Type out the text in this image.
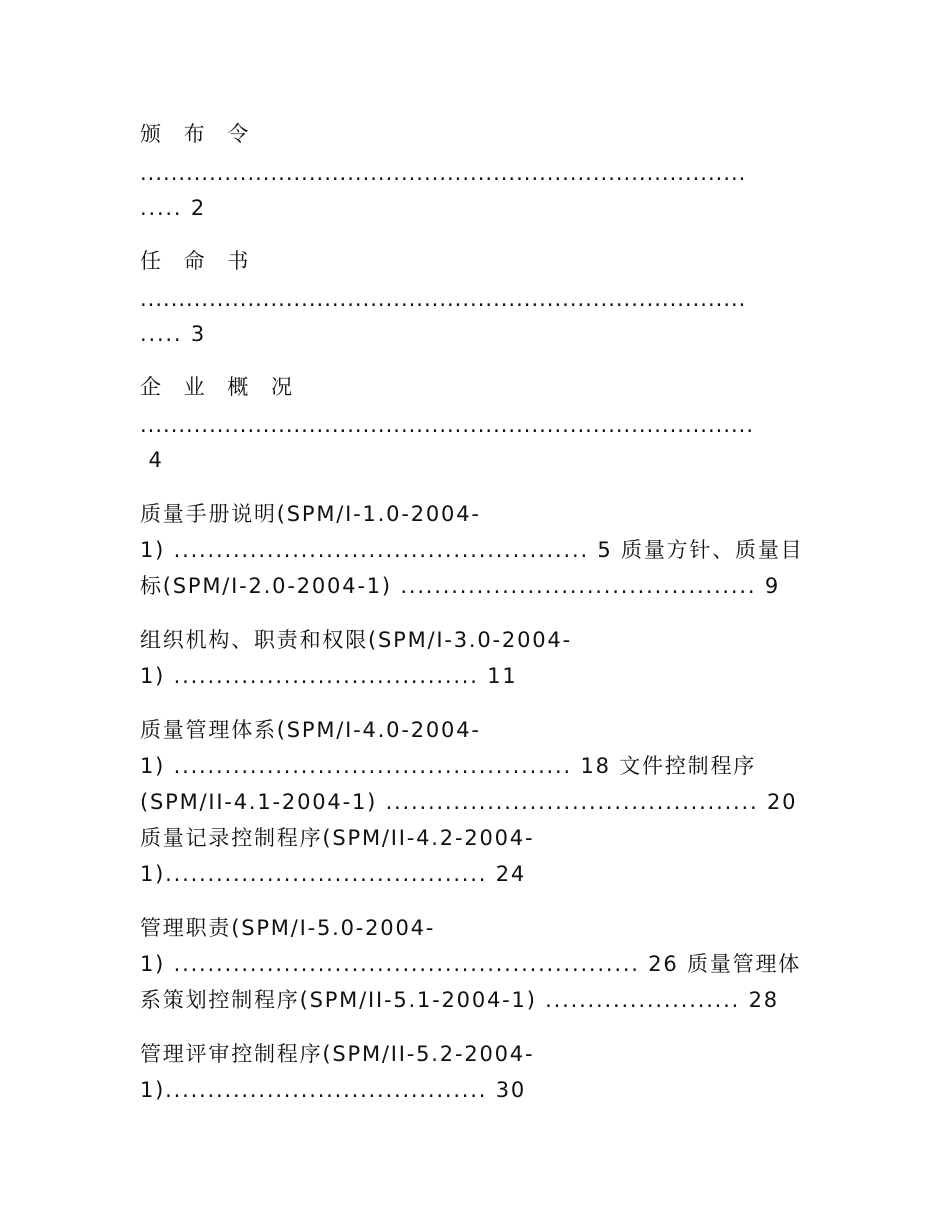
颁 布 令
...............................................................................
..... 2
任 命 书
...............................................................................
..... 3
企 业 概 况
................................................................................
4
质量手册说明(SPM/I-1.0-2004-
1) ................................................. 5 质量方针、质量目
标(SPM/I-2.0-2004-1) .......................................... 9
组织机构、职责和权限(SPM/I-3.0-2004-
1) .................................... 11
质量管理体系(SPM/I-4.0-2004-
1) ............................................... 18 文件控制程序
(SPM/II-4.1-2004-1) ............................................ 20
质量记录控制程序(SPM/II-4.2-2004-
1)...................................... 24
管理职责(SPM/I-5.0-2004-
1) ....................................................... 26 质量管理体
系策划控制程序(SPM/II-5.1-2004-1) ....................... 28
管理评审控制程序(SPM/II-5.2-2004-
1)...................................... 30
